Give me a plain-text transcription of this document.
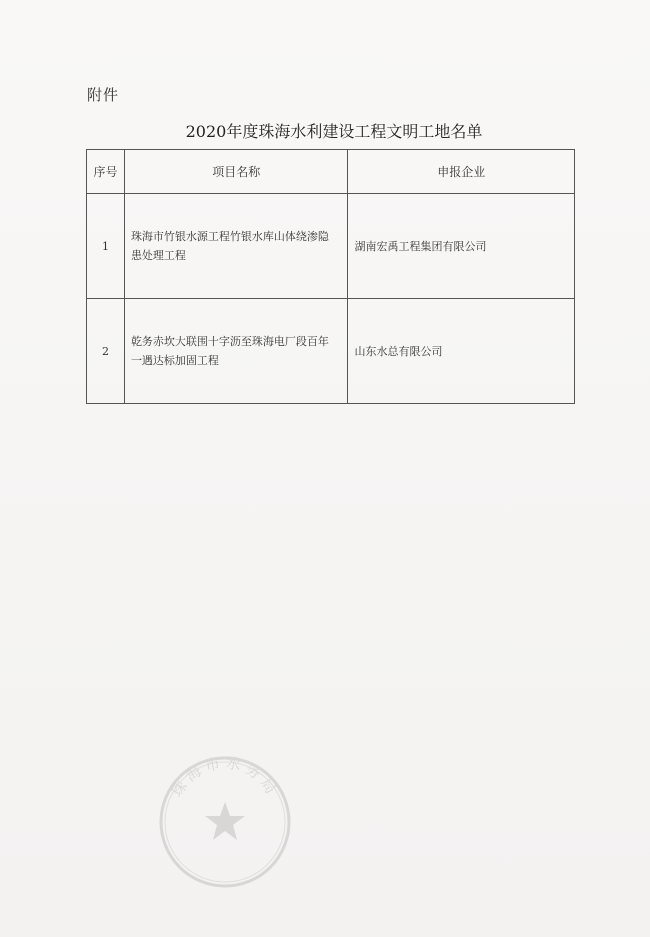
附件
2020年度珠海水利建设工程文明工地名单
序号	项目名称	申报企业
1	珠海市竹银水源工程竹银水库山体绕渗隐患处理工程	湖南宏禹工程集团有限公司
2	乾务赤坎大联围十字沥至珠海电厂段百年一遇达标加固工程	山东水总有限公司
珠海市水务局
